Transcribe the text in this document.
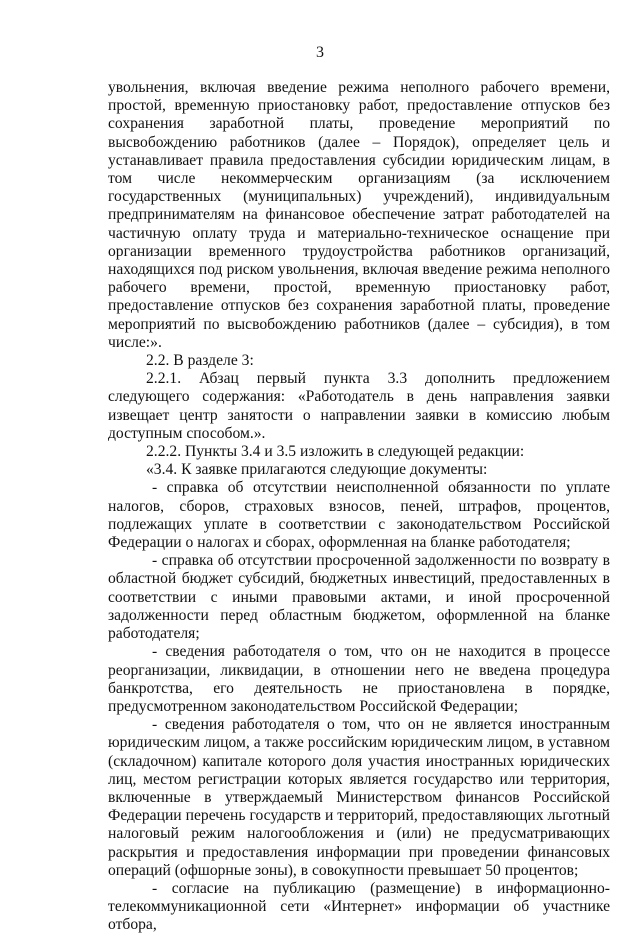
3

увольнения, включая введение режима неполного рабочего времени, простой, временную приостановку работ, предоставление отпусков без сохранения заработной платы, проведение мероприятий по высвобождению работников (далее – Порядок), определяет цель и устанавливает правила предоставления субсидии юридическим лицам, в том числе некоммерческим организациям (за исключением государственных (муниципальных) учреждений), индивидуальным предпринимателям на финансовое обеспечение затрат работодателей на частичную оплату труда и материально-техническое оснащение при организации временного трудоустройства работников организаций, находящихся под риском увольнения, включая введение режима неполного рабочего времени, простой, временную приостановку работ, предоставление отпусков без сохранения заработной платы, проведение мероприятий по высвобождению работников (далее – субсидия), в том числе:».

2.2. В разделе 3:

2.2.1. Абзац первый пункта 3.3 дополнить предложением следующего содержания: «Работодатель в день направления заявки извещает центр занятости о направлении заявки в комиссию любым доступным способом.».

2.2.2. Пункты 3.4 и 3.5 изложить в следующей редакции:

«3.4. К заявке прилагаются следующие документы:

- справка об отсутствии неисполненной обязанности по уплате налогов, сборов, страховых взносов, пеней, штрафов, процентов, подлежащих уплате в соответствии с законодательством Российской Федерации о налогах и сборах, оформленная на бланке работодателя;

- справка об отсутствии просроченной задолженности по возврату в областной бюджет субсидий, бюджетных инвестиций, предоставленных в соответствии с иными правовыми актами, и иной просроченной задолженности перед областным бюджетом, оформленной на бланке работодателя;

- сведения работодателя о том, что он не находится в процессе реорганизации, ликвидации, в отношении него не введена процедура банкротства, его деятельность не приостановлена в порядке, предусмотренном законодательством Российской Федерации;

- сведения работодателя о том, что он не является иностранным юридическим лицом, а также российским юридическим лицом, в уставном (складочном) капитале которого доля участия иностранных юридических лиц, местом регистрации которых является государство или территория, включенные в утверждаемый Министерством финансов Российской Федерации перечень государств и территорий, предоставляющих льготный налоговый режим налогообложения и (или) не предусматривающих раскрытия и предоставления информации при проведении финансовых операций (офшорные зоны), в совокупности превышает 50 процентов;

- согласие на публикацию (размещение) в информационно-телекоммуникационной сети «Интернет» информации об участнике отбора,
